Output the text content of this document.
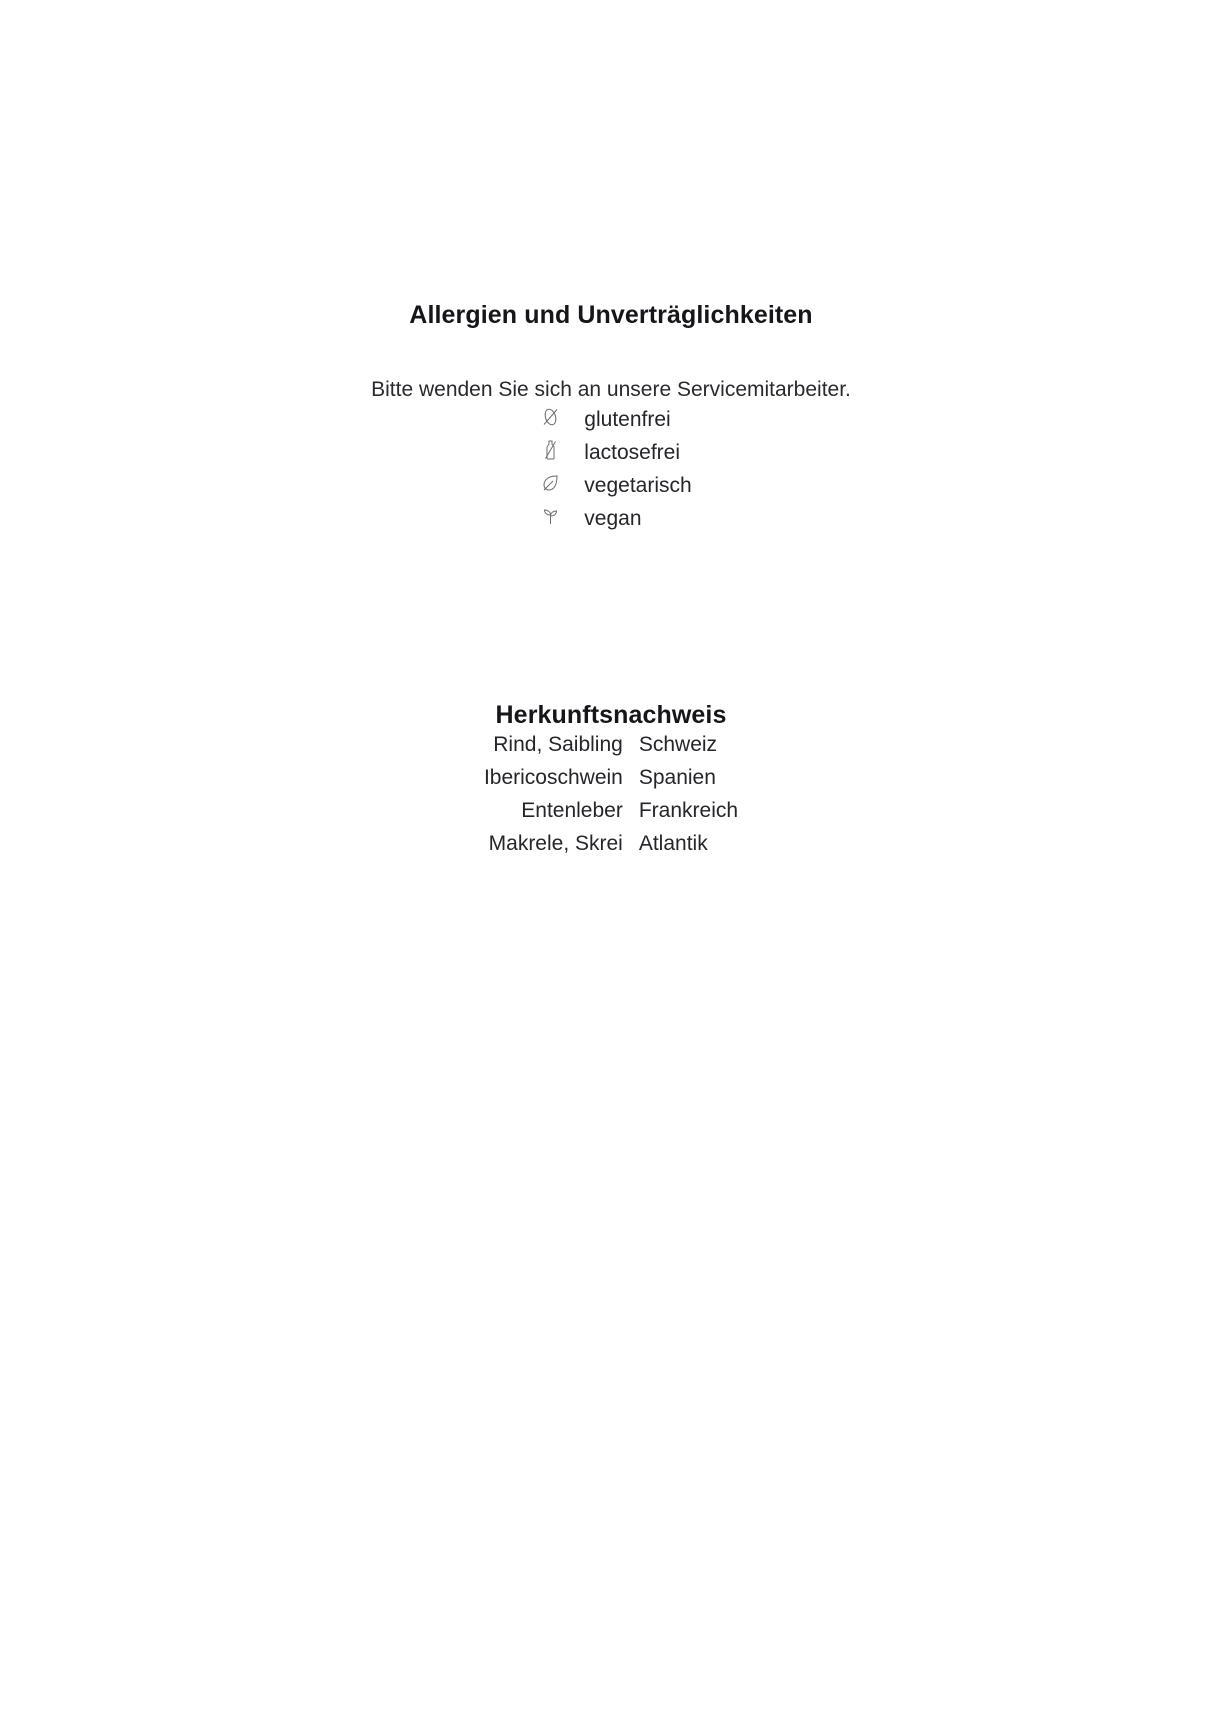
Allergien und Unverträglichkeiten

Bitte wenden Sie sich an unsere Servicemitarbeiter.

	glutenfrei

	lactosefrei

	vegetarisch

	vegan
Herkunftsnachweis
Rind, Saibling	Schweiz
Ibericoschwein	Spanien
Entenleber	Frankreich
Makrele, Skrei	Atlantik
